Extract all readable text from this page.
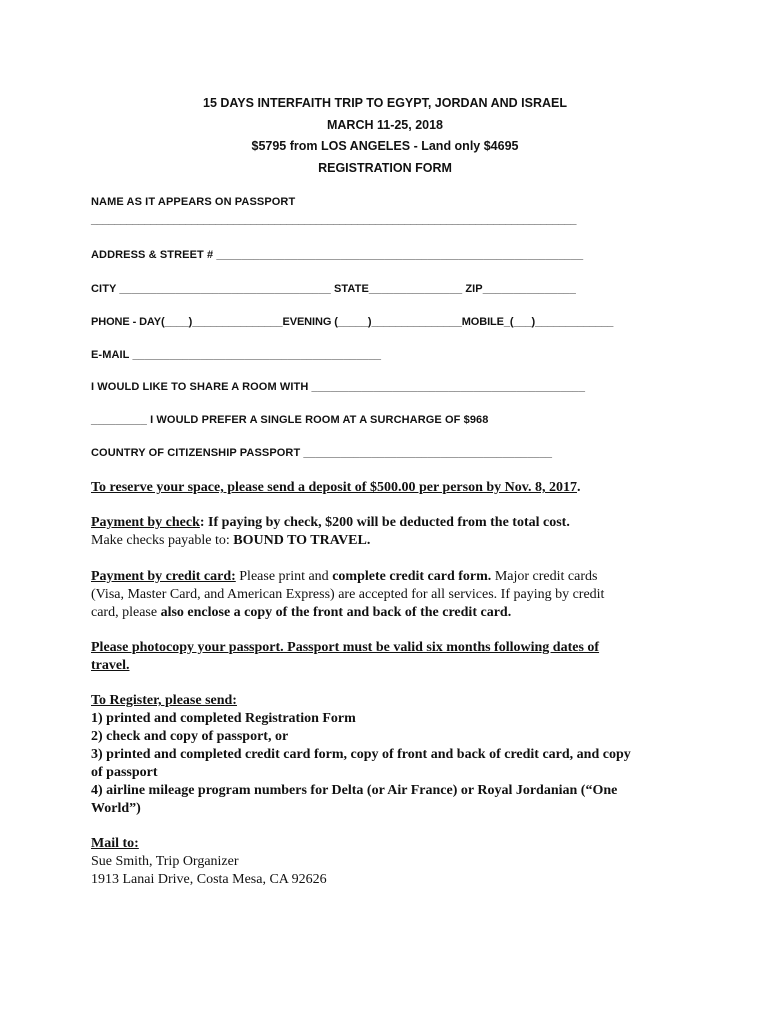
15 DAYS INTERFAITH TRIP TO EGYPT, JORDAN AND ISRAEL
MARCH 11-25, 2018
$5795 from LOS ANGELES - Land only $4695
REGISTRATION FORM
NAME AS IT APPEARS ON PASSPORT
__________________________________________________________________________________
ADDRESS & STREET # ___________________________________________________________
CITY __________________________________ STATE_______________ ZIP_______________
PHONE - DAY(____)_______________EVENING (_____)_______________MOBILE_(___)_____________
E-MAIL ________________________________________
I WOULD LIKE TO SHARE A ROOM WITH ____________________________________________
_________ I WOULD PREFER A SINGLE ROOM AT A SURCHARGE OF $968
COUNTRY OF CITIZENSHIP PASSPORT ________________________________________
To reserve your space, please send a deposit of $500.00 per person by Nov. 8, 2017.
Payment by check: If paying by check, $200 will be deducted from the total cost.
Make checks payable to: BOUND TO TRAVEL.
Payment by credit card: Please print and complete credit card form. Major credit cards
(Visa, Master Card, and American Express) are accepted for all services. If paying by credit
card, please also enclose a copy of the front and back of the credit card.
Please photocopy your passport. Passport must be valid six months following dates of
travel.
To Register, please send:
1) printed and completed Registration Form
2) check and copy of passport, or
3) printed and completed credit card form, copy of front and back of credit card, and copy
of passport
4) airline mileage program numbers for Delta (or Air France) or Royal Jordanian (“One
World”)
Mail to:
Sue Smith, Trip Organizer
1913 Lanai Drive, Costa Mesa, CA 92626
